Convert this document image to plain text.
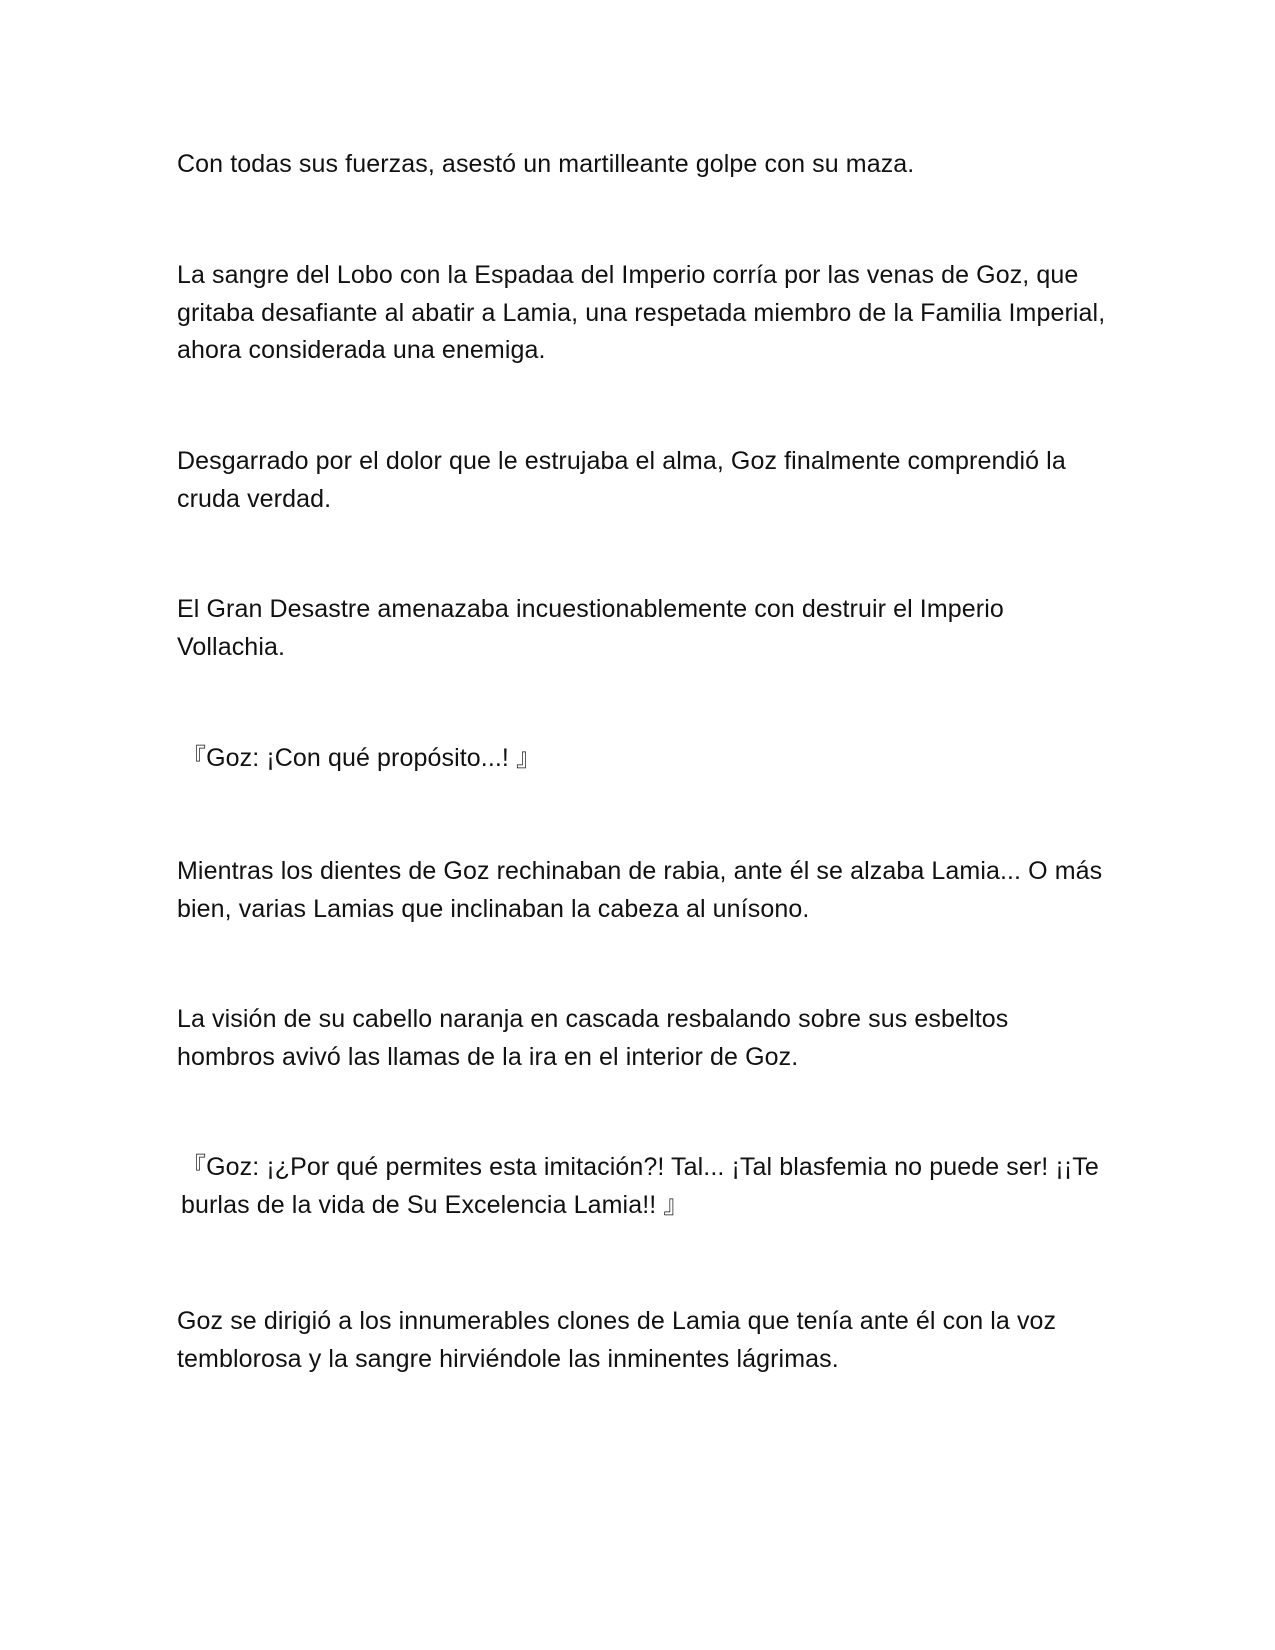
Con todas sus fuerzas, asestó un martilleante golpe con su maza.

La sangre del Lobo con la Espadaa del Imperio corría por las venas de Goz, que gritaba desafiante al abatir a Lamia, una respetada miembro de la Familia Imperial, ahora considerada una enemiga.

Desgarrado por el dolor que le estrujaba el alma, Goz finalmente comprendió la cruda verdad.

El Gran Desastre amenazaba incuestionablemente con destruir el Imperio Vollachia.

『Goz: ¡Con qué propósito...! 』

Mientras los dientes de Goz rechinaban de rabia, ante él se alzaba Lamia... O más bien, varias Lamias que inclinaban la cabeza al unísono.

La visión de su cabello naranja en cascada resbalando sobre sus esbeltos hombros avivó las llamas de la ira en el interior de Goz.

『Goz: ¡¿Por qué permites esta imitación?! Tal... ¡Tal blasfemia no puede ser! ¡¡Te burlas de la vida de Su Excelencia Lamia!! 』

Goz se dirigió a los innumerables clones de Lamia que tenía ante él con la voz temblorosa y la sangre hirviéndole las inminentes lágrimas.
